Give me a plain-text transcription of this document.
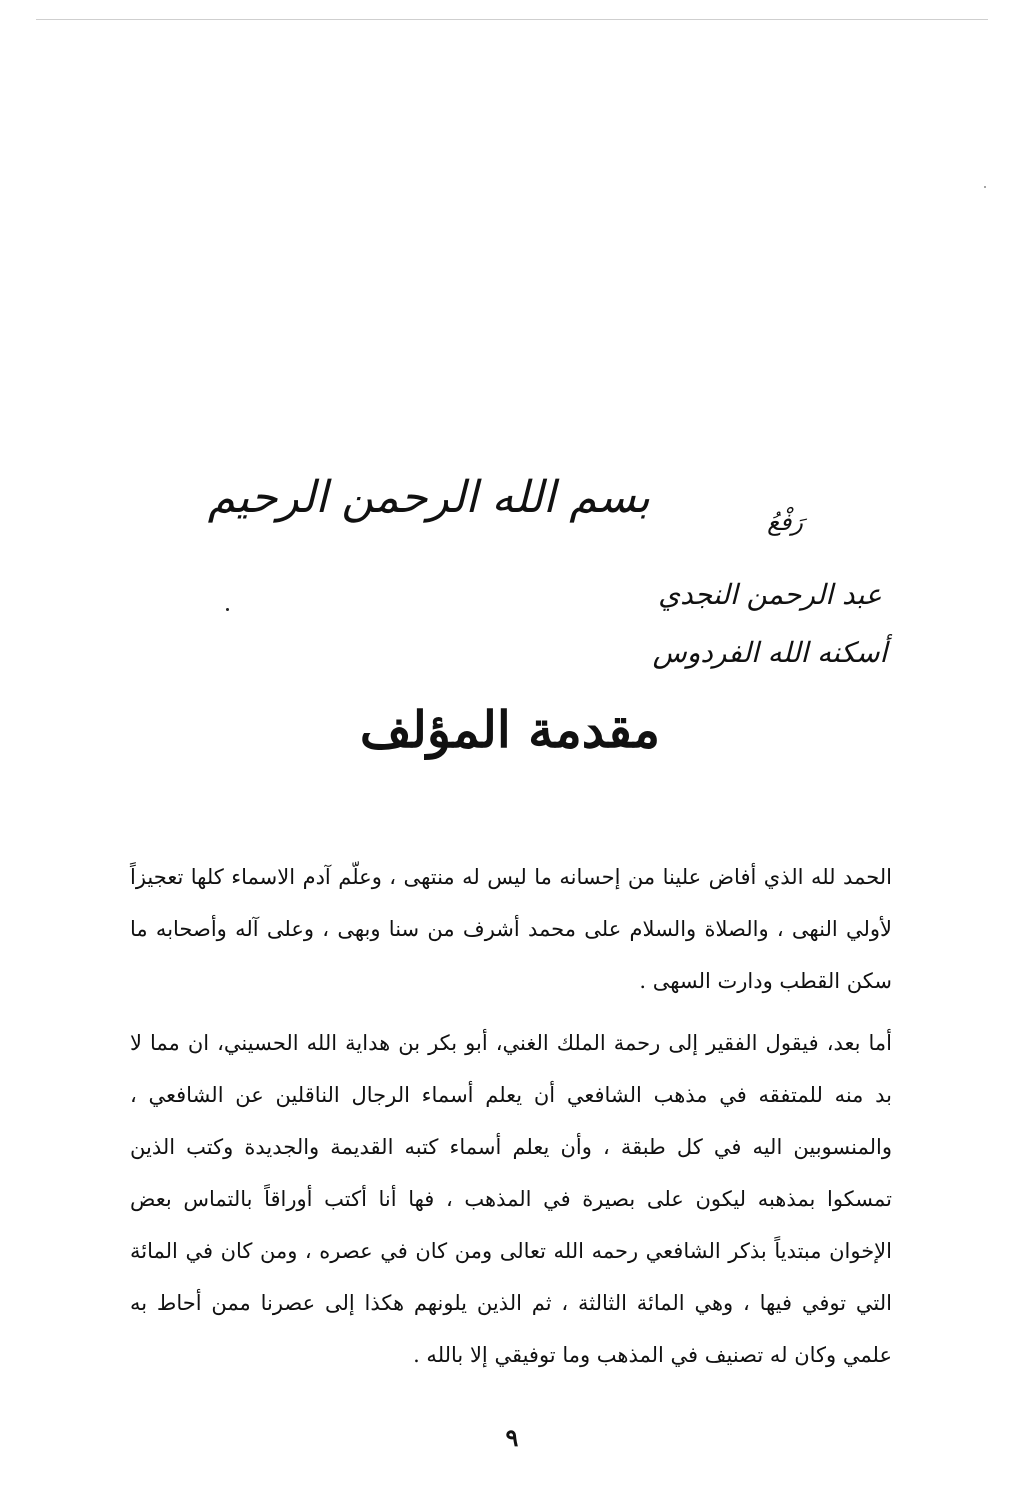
بسم الله الرحمن الرحيم	رَفْعُ
عبد الرحمن النجدي
أسكنه الله الفردوس
مقدمة المؤلف

الحمد لله الذي أفاض علينا من إحسانه ما ليس له منتهى ، وعلّم آدم الاسماء كلها تعجيزاً لأولي النهى ، والصلاة والسلام على محمد أشرف من سنا وبهى ، وعلى آله وأصحابه ما سكن القطب ودارت السهى .

أما بعد، فيقول الفقير إلى رحمة الملك الغني، أبو بكر بن هداية الله الحسيني، ان مما لا بد منه للمتفقه في مذهب الشافعي أن يعلم أسماء الرجال الناقلين عن الشافعي ، والمنسوبين اليه في كل طبقة ، وأن يعلم أسماء كتبه القديمة والجديدة وكتب الذين تمسكوا بمذهبه ليكون على بصيرة في المذهب ، فها أنا أكتب أوراقاً بالتماس بعض الإخوان مبتدياً بذكر الشافعي رحمه الله تعالى ومن كان في عصره ، ومن كان في المائة التي توفي فيها ، وهي المائة الثالثة ، ثم الذين يلونهم هكذا إلى عصرنا ممن أحاط به علمي وكان له تصنيف في المذهب وما توفيقي إلا بالله .

٩
